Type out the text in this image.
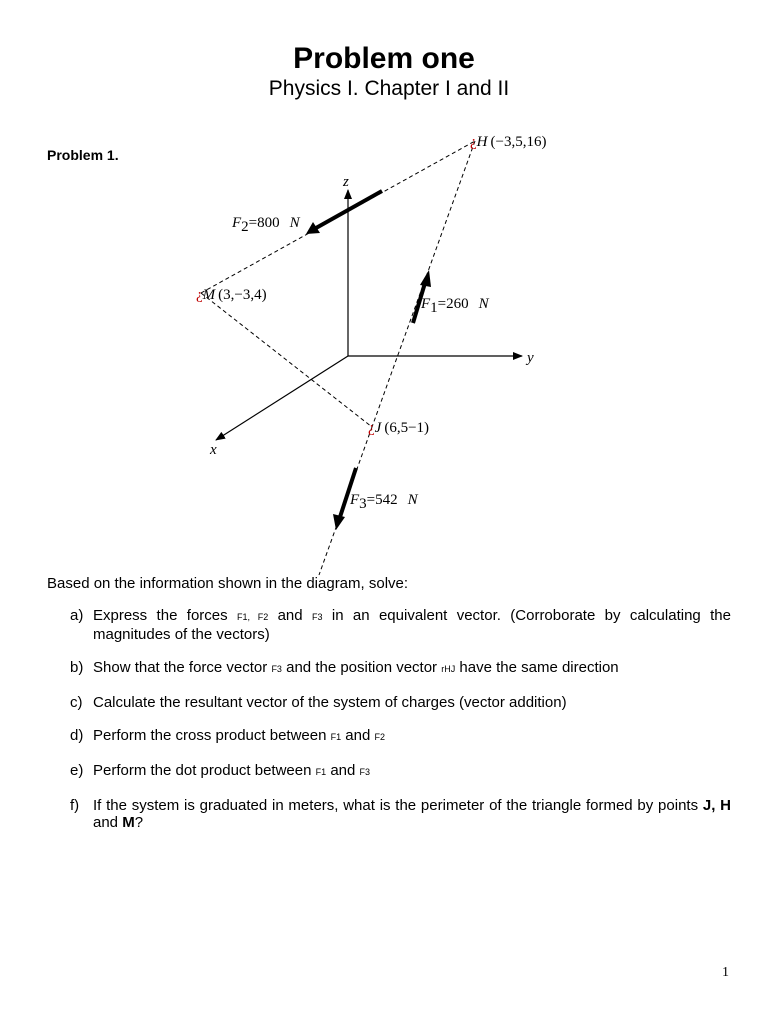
Problem one
Physics I. Chapter I and II
Problem 1.
z
y
x
¿H (−3,5,16)
¿M (3,−3,4)
¿J (6,5−1)
F2=800 N
F1=260 N
F3=542 N
Based on the information shown in the diagram, solve:
a) Express the forces F1, F2 and F3 in an equivalent vector. (Corroborate by calculating the magnitudes of the vectors)
b) Show that the force vector F3 and the position vector rHJ have the same direction
c) Calculate the resultant vector of the system of charges (vector addition)
d) Perform the cross product between F1 and F2
e) Perform the dot product between F1 and F3
f) If the system is graduated in meters, what is the perimeter of the triangle formed by points J, H and M?
1
